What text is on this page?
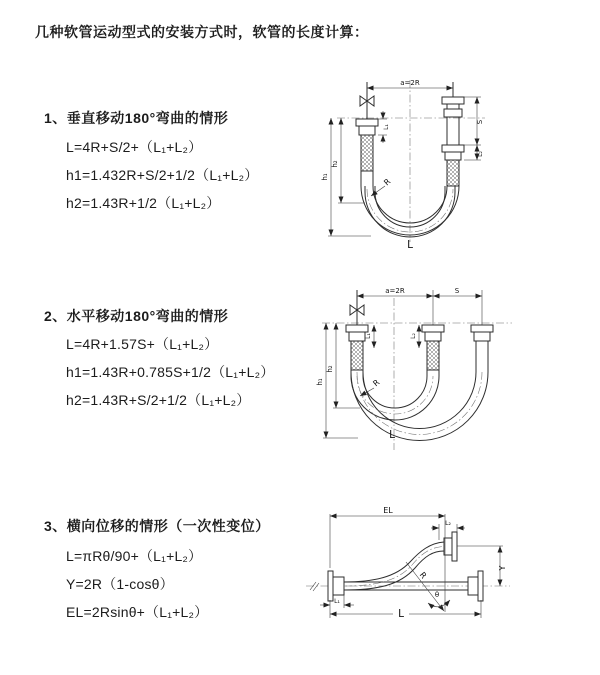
几种软管运动型式的安装方式时，软管的长度计算：
1、垂直移动180°弯曲的情形
L=4R+S/2+（L₁+L₂）
h1=1.432R+S/2+1/2（L₁+L₂）
h2=1.43R+1/2（L₁+L₂）
a=2R
R
h₁
h₂
L₁
S
L₂
L
2、水平移动180°弯曲的情形
L=4R+1.57S+（L₁+L₂）
h1=1.43R+0.785S+1/2（L₁+L₂）
h2=1.43R+S/2+1/2（L₁+L₂）
a=2R	S
R
h₁
h₂
L₁	L₂
L
3、横向位移的情形（一次性变位）
L=πRθ/90+（L₁+L₂）
Y=2R（1-cosθ）
EL=2Rsinθ+（L₁+L₂）
EL
L₂
Y
R
θ
L
L₁
